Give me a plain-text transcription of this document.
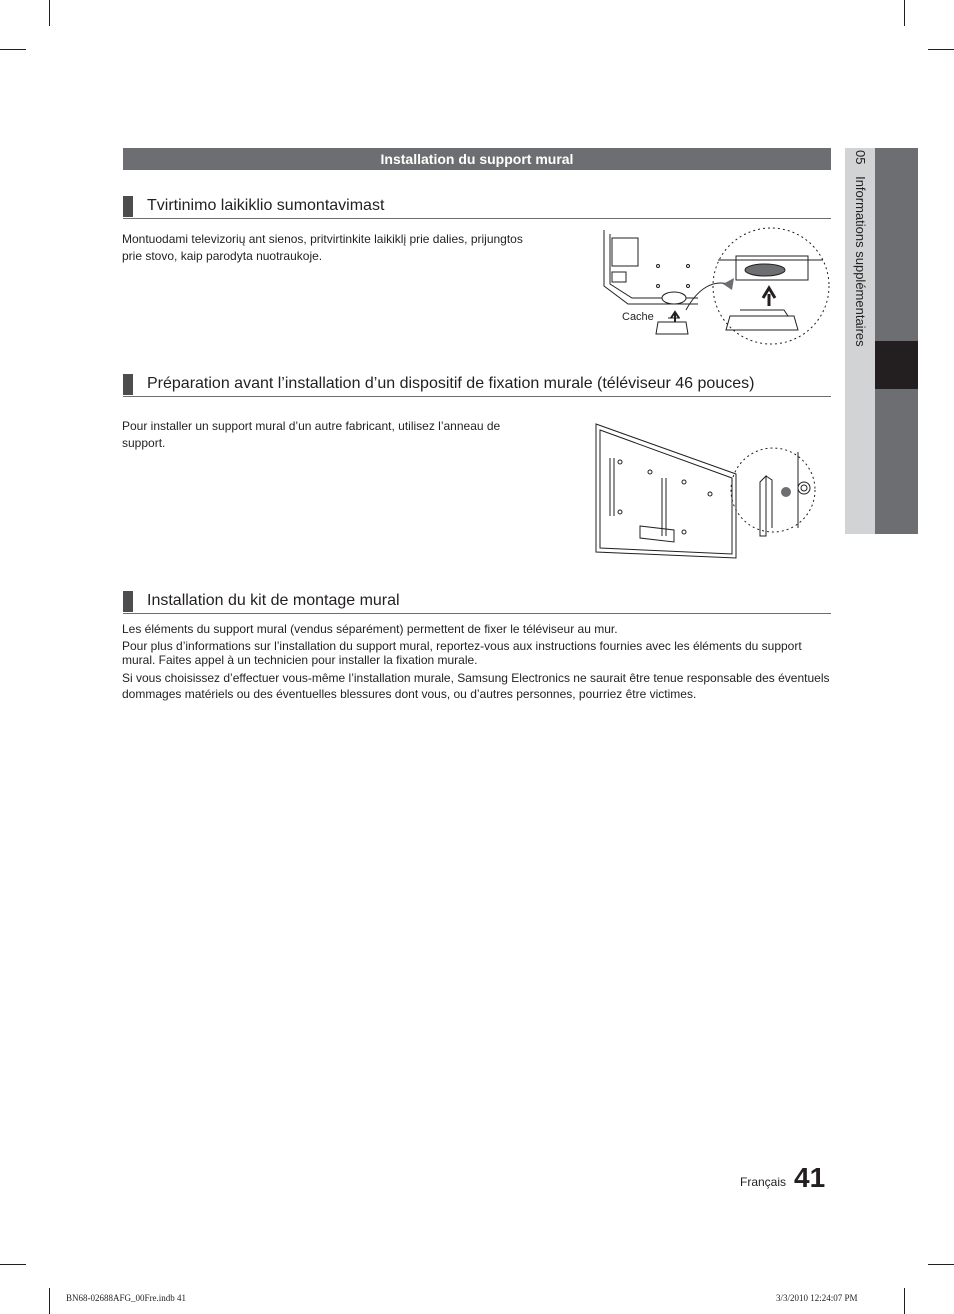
05 Informations supplémentaires
Installation du support mural
Tvirtinimo laikiklio sumontavimast
Montuodami televizorių ant sienos, pritvirtinkite laikiklį prie dalies, prijungtos
prie stovo, kaip parodyta nuotraukoje.
Cache
Préparation avant l’installation d’un dispositif de fixation murale (téléviseur 46 pouces)
Pour installer un support mural d’un autre fabricant, utilisez l’anneau de
support.
Installation du kit de montage mural
Les éléments du support mural (vendus séparément) permettent de fixer le téléviseur au mur.
Pour plus d’informations sur l’installation du support mural, reportez-vous aux instructions fournies avec les éléments du support
mural. Faites appel à un technicien pour installer la fixation murale.
Si vous choisissez d’effectuer vous-même l’installation murale, Samsung Electronics ne saurait être tenue responsable des éventuels
dommages matériels ou des éventuelles blessures dont vous, ou d’autres personnes, pourriez être victimes.
Français 41
BN68-02688AFG_00Fre.indb 41	3/3/2010 12:24:07 PM
